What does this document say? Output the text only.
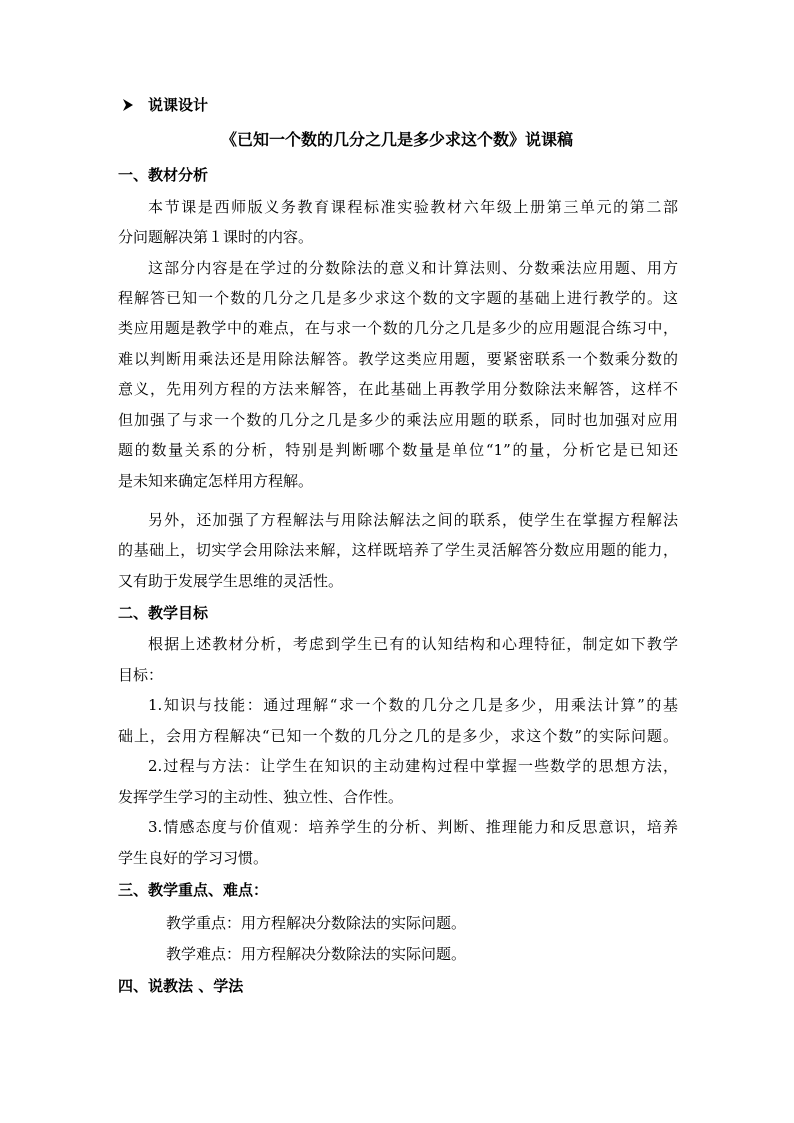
说课设计
《已知一个数的几分之几是多少求这个数》说课稿
一、教材分析
本节课是西师版义务教育课程标准实验教材六年级上册第三单元的第二部
分问题解决第１课时的内容。
这部分内容是在学过的分数除法的意义和计算法则、分数乘法应用题、用方
程解答已知一个数的几分之几是多少求这个数的文字题的基础上进行教学的。这
类应用题是教学中的难点，在与求一个数的几分之几是多少的应用题混合练习中，
难以判断用乘法还是用除法解答。教学这类应用题，要紧密联系一个数乘分数的
意义，先用列方程的方法来解答，在此基础上再教学用分数除法来解答，这样不
但加强了与求一个数的几分之几是多少的乘法应用题的联系，同时也加强对应用
题的数量关系的分析，特别是判断哪个数量是单位“1”的量，分析它是已知还
是未知来确定怎样用方程解。
另外，还加强了方程解法与用除法解法之间的联系，使学生在掌握方程解法
的基础上，切实学会用除法来解，这样既培养了学生灵活解答分数应用题的能力，
又有助于发展学生思维的灵活性。
二、教学目标
根据上述教材分析，考虑到学生已有的认知结构和心理特征，制定如下教学
目标：
1.知识与技能：通过理解“求一个数的几分之几是多少，用乘法计算”的基
础上，会用方程解决“已知一个数的几分之几的是多少，求这个数”的实际问题。
2.过程与方法：让学生在知识的主动建构过程中掌握一些数学的思想方法，
发挥学生学习的主动性、独立性、合作性。
3.情感态度与价值观：培养学生的分析、判断、推理能力和反思意识，培养
学生良好的学习习惯。
三、教学重点、难点：
教学重点：用方程解决分数除法的实际问题。
教学难点：用方程解决分数除法的实际问题。
四、说教法 、学法
